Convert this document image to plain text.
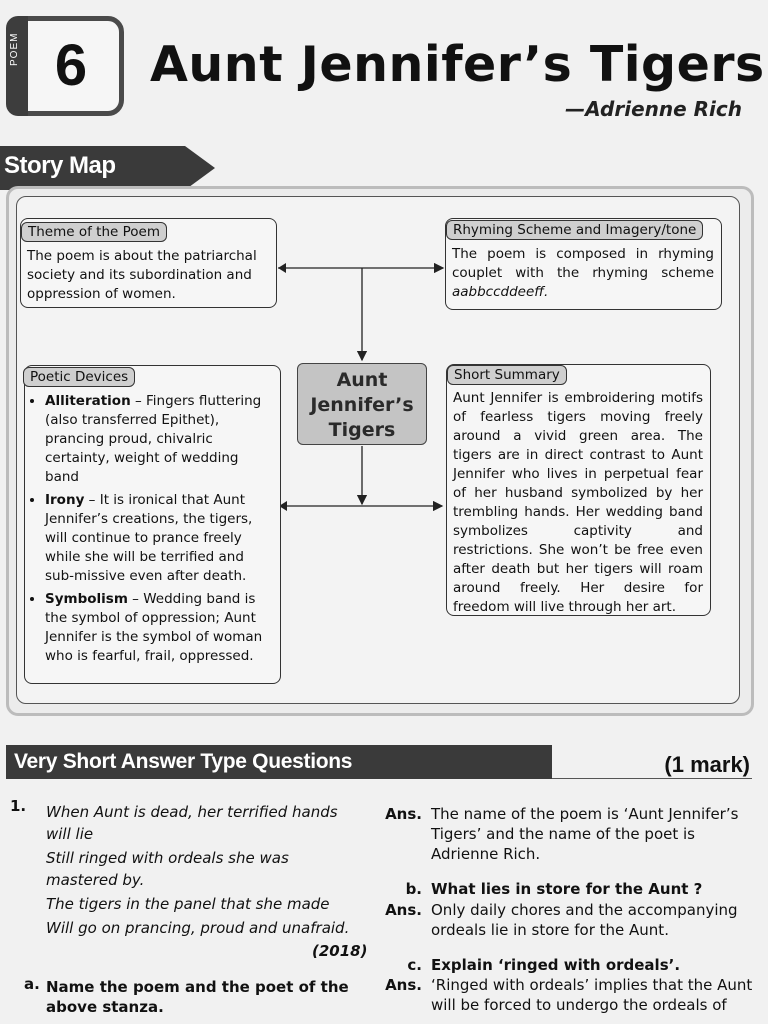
POEM 6	Aunt Jennifer’s Tigers
—Adrienne Rich
Story Map
Theme of the Poem
The poem is about the patriarchal society and its subordination and oppression of women.
Rhyming Scheme and Imagery/tone
The poem is composed in rhyming couplet with the rhyming scheme aabbccddeeff.
Aunt Jennifer’s Tigers
Poetic Devices
• Alliteration – Fingers fluttering (also transferred Epithet), prancing proud, chivalric certainty, weight of wedding band
• Irony – It is ironical that Aunt Jennifer’s creations, the tigers, will continue to prance freely while she will be terrified and sub-missive even after death.
• Symbolism – Wedding band is the symbol of oppression; Aunt Jennifer is the symbol of woman who is fearful, frail, oppressed.
Short Summary
Aunt Jennifer is embroidering motifs of fearless tigers moving freely around a vivid green area. The tigers are in direct contrast to Aunt Jennifer who lives in perpetual fear of her husband symbolized by her trembling hands. Her wedding band symbolizes captivity and restrictions. She won’t be free even after death but her tigers will roam around freely. Her desire for freedom will live through her art.
Very Short Answer Type Questions	(1 mark)
1. When Aunt is dead, her terrified hands will lie

Still ringed with ordeals she was mastered by.

The tigers in the panel that she made

Will go on prancing, proud and unafraid.

(2018)
a. Name the poem and the poet of the above stanza.
Ans. The name of the poem is ‘Aunt Jennifer’s Tigers’ and the name of the poet is Adrienne Rich.
b. What lies in store for the Aunt ?
Ans. Only daily chores and the accompanying ordeals lie in store for the Aunt.
c. Explain ‘ringed with ordeals’.
Ans. ‘Ringed with ordeals’ implies that the Aunt will be forced to undergo the ordeals of
